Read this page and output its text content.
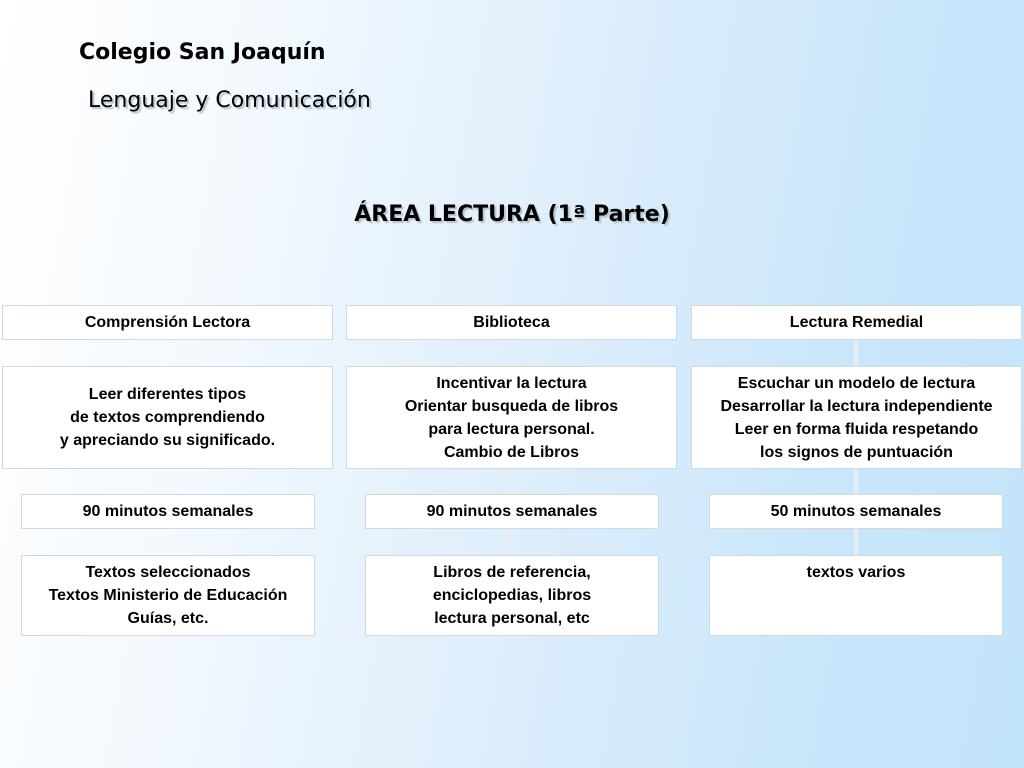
Colegio San Joaquín
Lenguaje y Comunicación
ÁREA LECTURA (1ª Parte)
Comprensión Lectora
Leer diferentes tipos
de textos comprendiendo
y apreciando su significado.
90 minutos semanales
Textos seleccionados
Textos Ministerio de Educación
Guías, etc.
Biblioteca
Incentivar la lectura
Orientar busqueda de libros
para lectura personal.
Cambio de Libros
90 minutos semanales
Libros de referencia,
enciclopedias, libros
lectura personal, etc
Lectura Remedial
Escuchar un modelo de lectura
Desarrollar la lectura independiente
Leer en forma fluida respetando
los signos de puntuación
50 minutos semanales
textos varios
